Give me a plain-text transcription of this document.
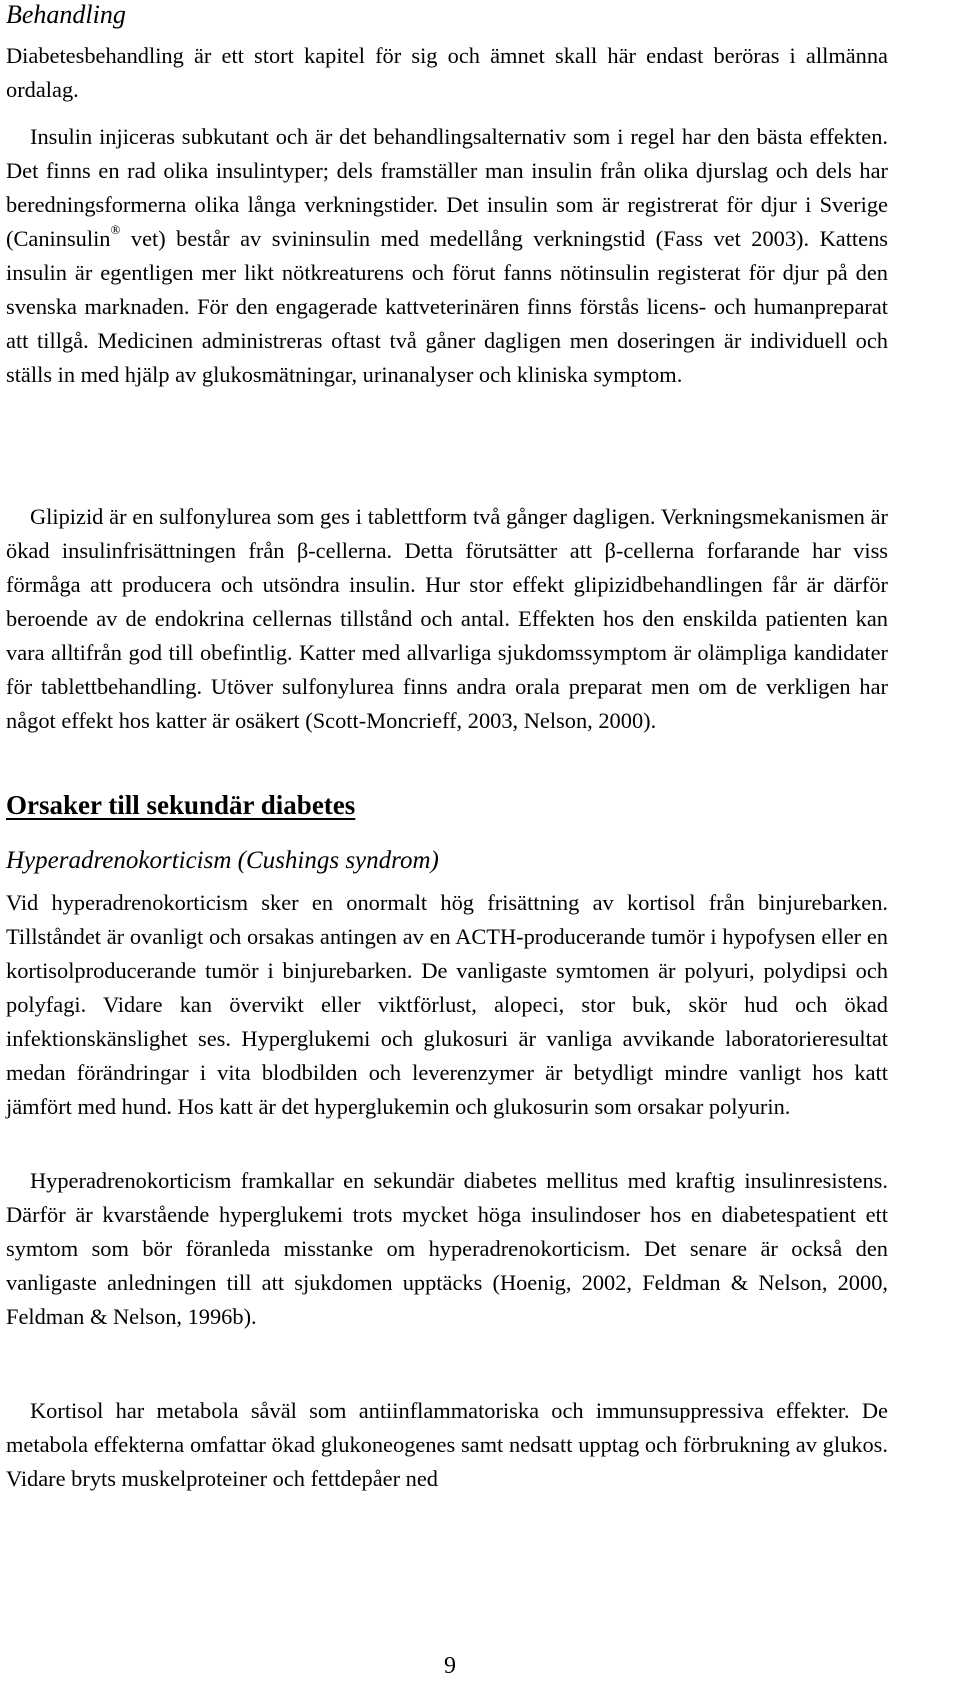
Behandling

Diabetesbehandling är ett stort kapitel för sig och ämnet skall här endast beröras i allmänna ordalag.

Insulin injiceras subkutant och är det behandlingsalternativ som i regel har den bästa effekten. Det finns en rad olika insulintyper; dels framställer man insulin från olika djurslag och dels har beredningsformerna olika långa verkningstider. Det insulin som är registrerat för djur i Sverige (Caninsulin® vet) består av svininsulin med medellång verkningstid (Fass vet 2003). Kattens insulin är egentligen mer likt nötkreaturens och förut fanns nötinsulin registerat för djur på den svenska marknaden. För den engagerade kattveterinären finns förstås licens- och humanpreparat att tillgå. Medicinen administreras oftast två gåner dagligen men doseringen är individuell och ställs in med hjälp av glukosmätningar, urinanalyser och kliniska symptom.

Glipizid är en sulfonylurea som ges i tablettform två gånger dagligen. Verkningsmekanismen är ökad insulinfrisättningen från β-cellerna. Detta förutsätter att β-cellerna forfarande har viss förmåga att producera och utsöndra insulin. Hur stor effekt glipizidbehandlingen får är därför beroende av de endokrina cellernas tillstånd och antal. Effekten hos den enskilda patienten kan vara alltifrån god till obefintlig. Katter med allvarliga sjukdomssymptom är olämpliga kandidater för tablettbehandling. Utöver sulfonylurea finns andra orala preparat men om de verkligen har något effekt hos katter är osäkert (Scott-Moncrieff, 2003, Nelson, 2000).

Orsaker till sekundär diabetes
Hyperadrenokorticism (Cushings syndrom)

Vid hyperadrenokorticism sker en onormalt hög frisättning av kortisol från binjurebarken. Tillståndet är ovanligt och orsakas antingen av en ACTH-producerande tumör i hypofysen eller en kortisolproducerande tumör i binjurebarken. De vanligaste symtomen är polyuri, polydipsi och polyfagi. Vidare kan övervikt eller viktförlust, alopeci, stor buk, skör hud och ökad infektionskänslighet ses. Hyperglukemi och glukosuri är vanliga avvikande laboratorieresultat medan förändringar i vita blodbilden och leverenzymer är betydligt mindre vanligt hos katt jämfört med hund. Hos katt är det hyperglukemin och glukosurin som orsakar polyurin.

Hyperadrenokorticism framkallar en sekundär diabetes mellitus med kraftig insulinresistens. Därför är kvarstående hyperglukemi trots mycket höga insulindoser hos en diabetespatient ett symtom som bör föranleda misstanke om hyperadrenokorticism. Det senare är också den vanligaste anledningen till att sjukdomen upptäcks (Hoenig, 2002, Feldman & Nelson, 2000, Feldman & Nelson, 1996b).

Kortisol har metabola såväl som antiinflammatoriska och immunsuppressiva effekter. De metabola effekterna omfattar ökad glukoneogenes samt nedsatt upptag och förbrukning av glukos. Vidare bryts muskelproteiner och fettdepåer ned

9
